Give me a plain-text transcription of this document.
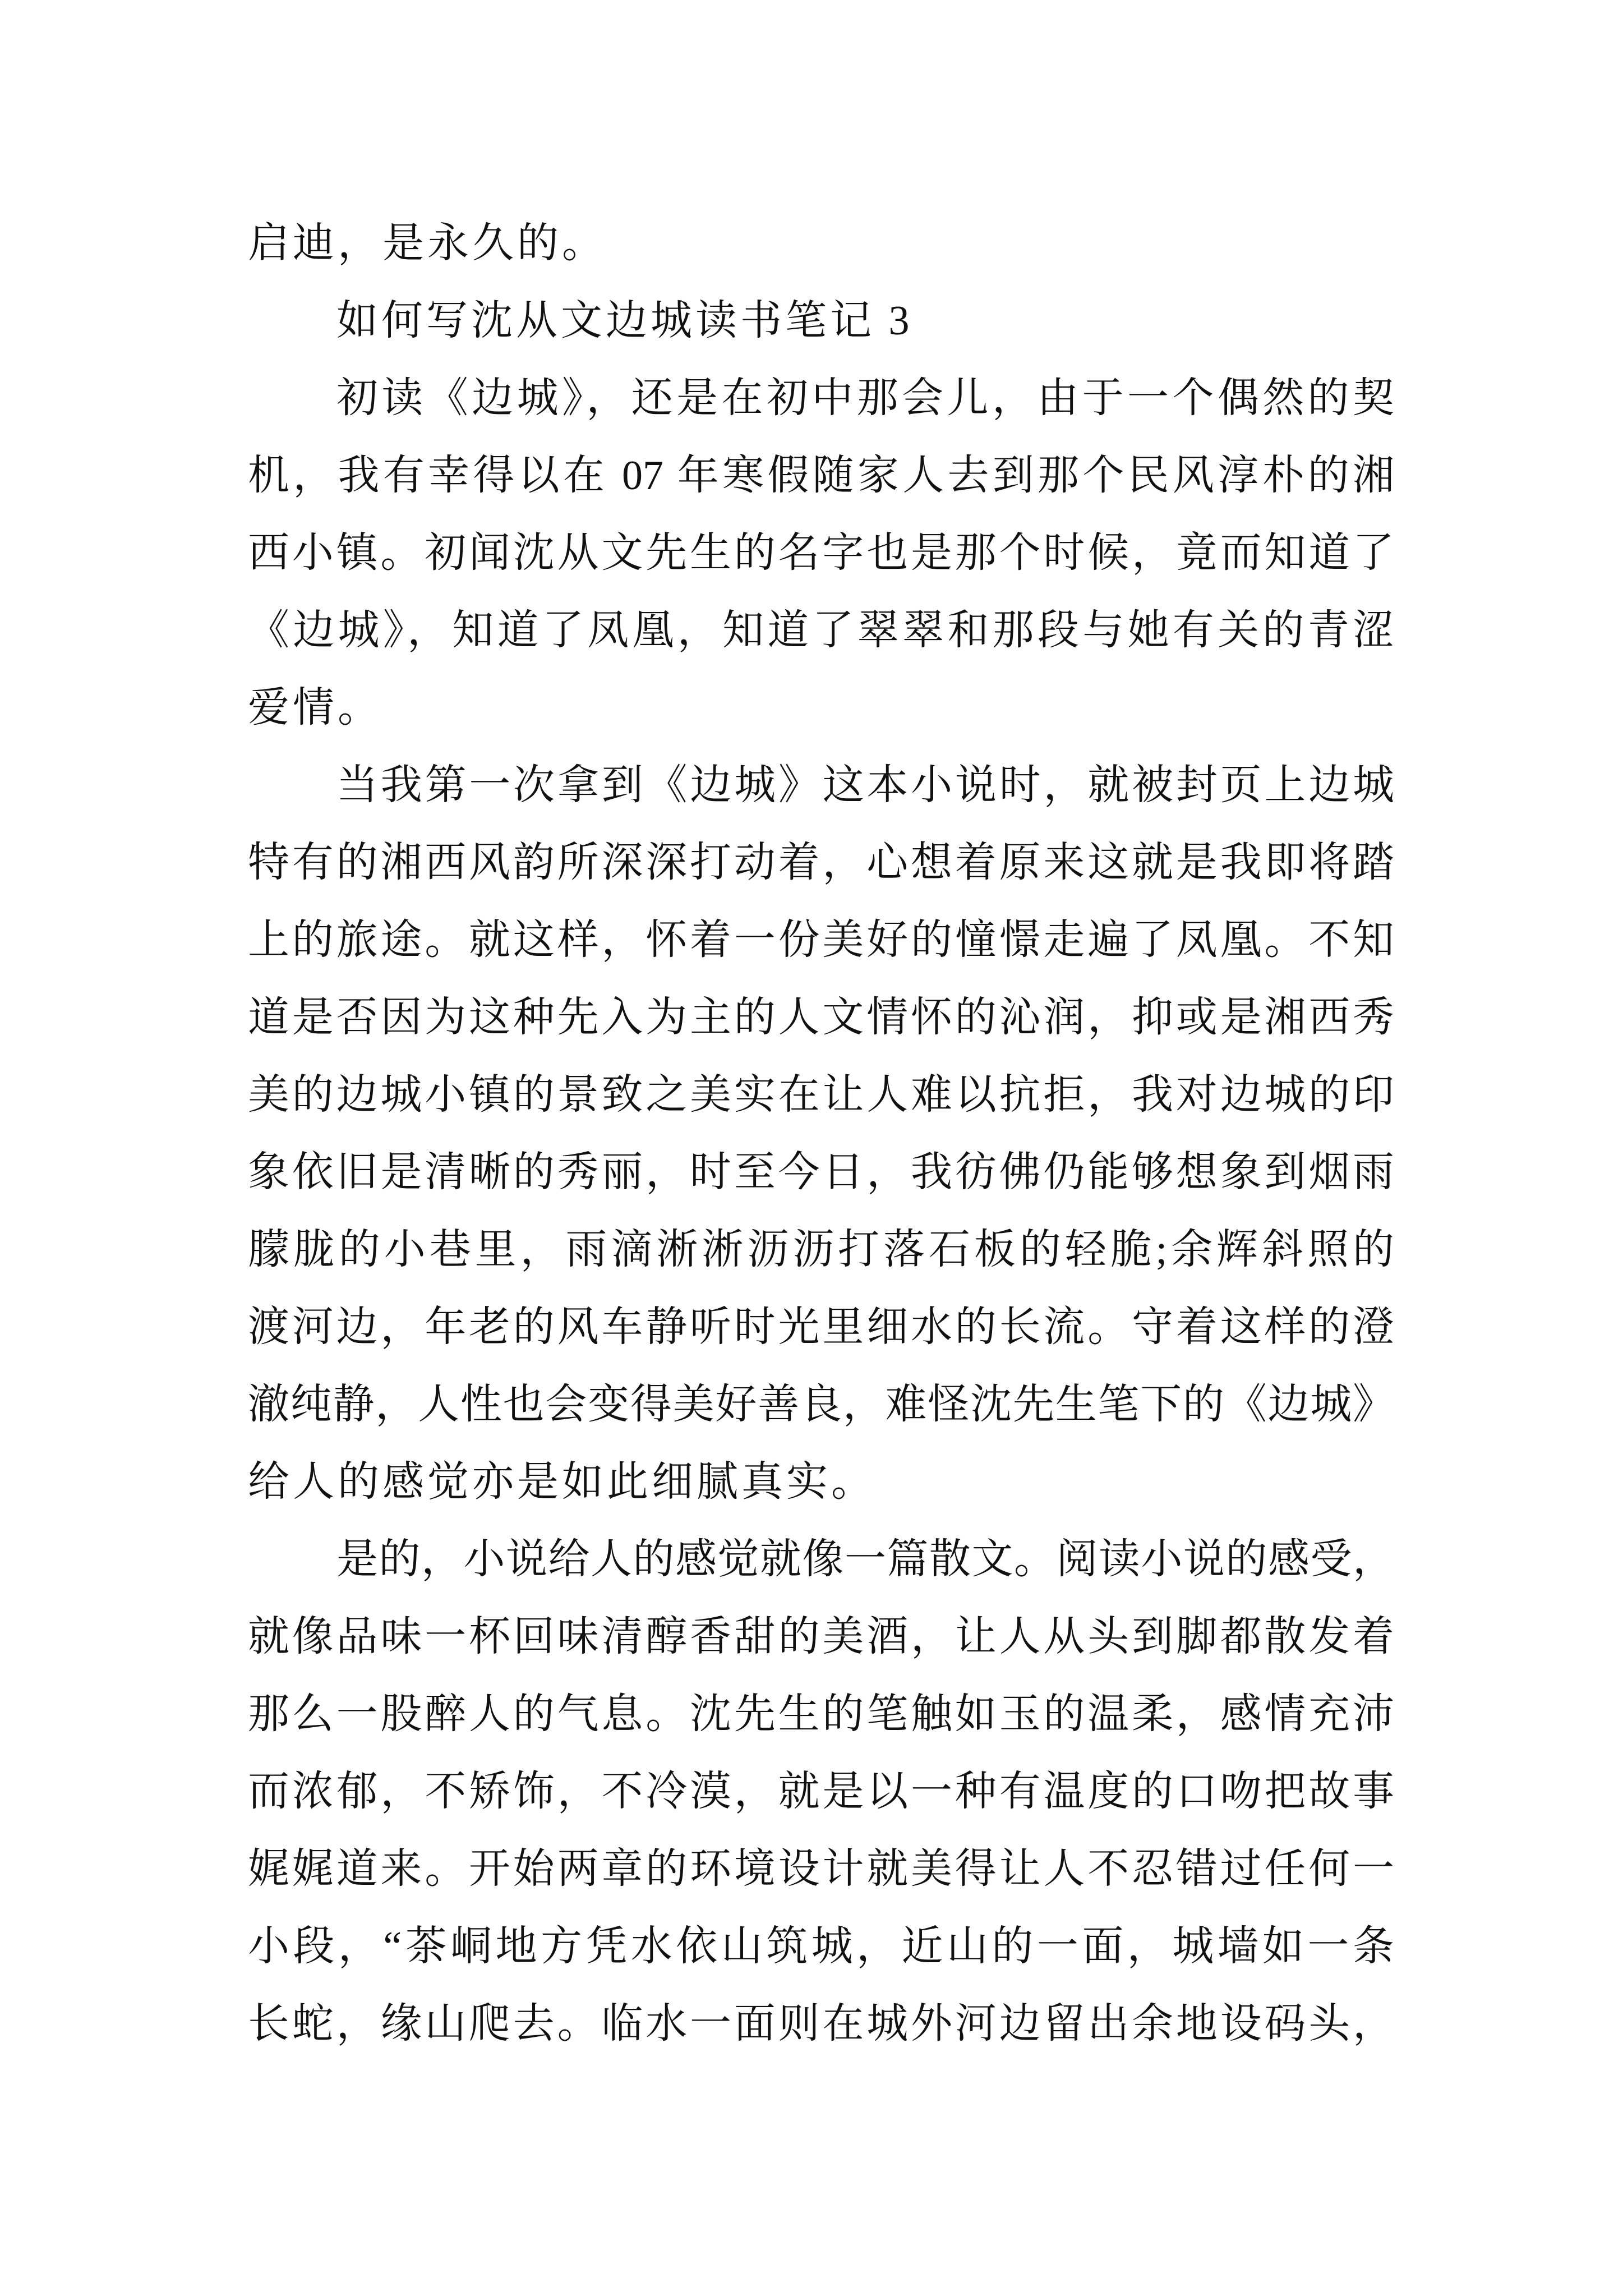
启迪，是永久的。
如何写沈从文边城读书笔记 3
初读《边城》，还是在初中那会儿，由于一个偶然的契
机，我有幸得以在 07 年寒假随家人去到那个民风淳朴的湘
西小镇。初闻沈从文先生的名字也是那个时候，竟而知道了
《边城》，知道了凤凰，知道了翠翠和那段与她有关的青涩
爱情。
当我第一次拿到《边城》这本小说时，就被封页上边城
特有的湘西风韵所深深打动着，心想着原来这就是我即将踏
上的旅途。就这样，怀着一份美好的憧憬走遍了凤凰。不知
道是否因为这种先入为主的人文情怀的沁润，抑或是湘西秀
美的边城小镇的景致之美实在让人难以抗拒，我对边城的印
象依旧是清晰的秀丽，时至今日，我彷佛仍能够想象到烟雨
朦胧的小巷里，雨滴淅淅沥沥打落石板的轻脆;余辉斜照的
渡河边，年老的风车静听时光里细水的长流。守着这样的澄
澈纯静，人性也会变得美好善良，难怪沈先生笔下的《边城》
给人的感觉亦是如此细腻真实。
是的，小说给人的感觉就像一篇散文。阅读小说的感受，
就像品味一杯回味清醇香甜的美酒，让人从头到脚都散发着
那么一股醉人的气息。沈先生的笔触如玉的温柔，感情充沛
而浓郁，不矫饰，不冷漠，就是以一种有温度的口吻把故事
娓娓道来。开始两章的环境设计就美得让人不忍错过任何一
小段，“茶峒地方凭水依山筑城，近山的一面，城墙如一条
长蛇，缘山爬去。临水一面则在城外河边留出余地设码头，
